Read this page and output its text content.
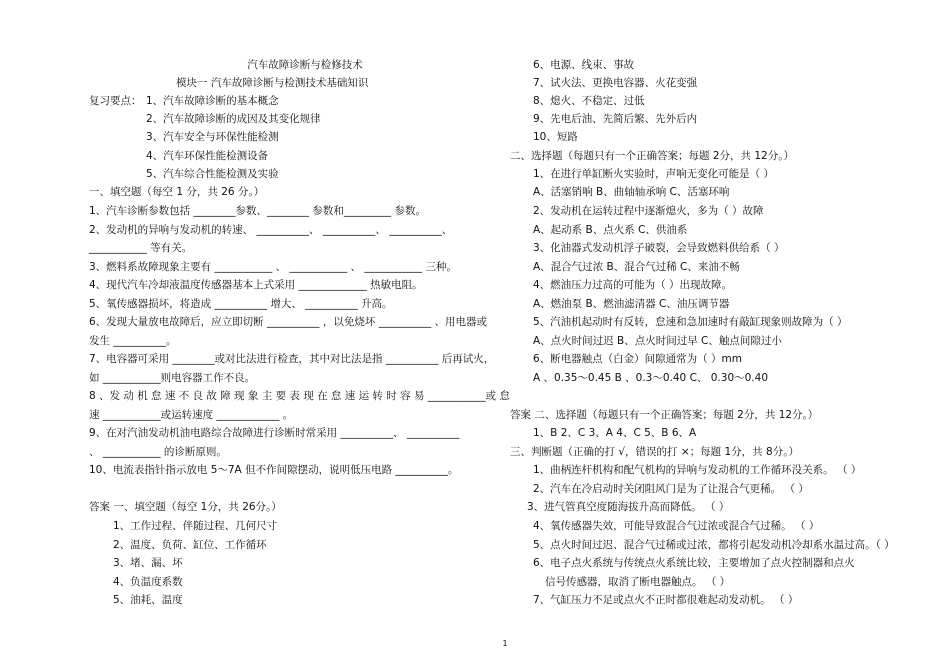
汽车故障诊断与检修技术
模块一 汽车故障诊断与检测技术基础知识
复习要点： 1、汽车故障诊断的基本概念
2、汽车故障诊断的成因及其变化规律
3、汽车安全与环保性能检测
4、汽车环保性能检测设备
5、汽车综合性能检测及实验
一、填空题（每空 1 分，共 26 分。）
1、汽车诊断参数包括 ________参数、________ 参数和_________ 参数。
2、发动机的异响与发动机的转速、 __________、 __________、 __________、
___________ 等有关。
3、燃料系故障现象主要有 ___________ 、 ___________ 、 ___________ 三种。
4、现代汽车冷却液温度传感器基本上式采用 _____________ 热敏电阻。
5、氧传感器损坏，将造成 __________ 增大、 __________ 升高。
6、发现大量放电故障后，应立即切断 __________ ，以免烧坏 __________ 、用电器或
发生 __________。
7、电容器可采用 ________或对比法进行检查，其中对比法是指 __________ 后再试火，
如 ___________则电容器工作不良。
8 、发 动 机 怠 速 不 良 故 障 现 象 主 要 表 现 在 怠 速 运 转 时 容 易 ___________或 怠
速 ___________或运转速度 ____________ 。
9、在对汽油发动机油电路综合故障进行诊断时常采用 __________、 __________
、 ___________ 的诊断原则。
10、电流表指针指示放电 5～7A 但不作间隙摆动，说明低压电路 __________。
答案 一、填空题（每空 1分，共 26分。）
1、工作过程、伴随过程、几何尺寸
2、温度、负荷、缸位、工作循环
3、堵、漏、坏
4、负温度系数
5、油耗、温度
6、电源、线束、事故
7、试火法、更换电容器、火花变强
8、熄火、不稳定、过低
9、先电后油、先简后繁、先外后内
10、短路
二、选择题（每题只有一个正确答案；每题 2分，共 12分。）
1、在进行单缸断火实验时，声响无变化可能是（ ）
A、活塞销响 B、曲轴轴承响 C、活塞环响
2、发动机在运转过程中逐渐熄火，多为（ ）故障
A、起动系 B、点火系 C、供油系
3、化油器式发动机浮子破裂，会导致燃料供给系（ ）
A、混合气过浓 B、混合气过稀 C、来油不畅
4、燃油压力过高的可能为（ ）出现故障。
A、燃油泵 B、燃油滤清器 C、油压调节器
5、汽油机起动时有反转，怠速和急加速时有敲缸现象则故障为（ ）
A、点火时间过迟 B、点火时间过早 C、触点间隙过小
6、断电器触点（白金）间隙通常为（ ）mm
A 、0.35～0.45 B 、0.3～0.40 C、 0.30～0.40
答案 二、选择题（每题只有一个正确答案；每题 2分，共 12分。）
1、B 2、C 3、A 4、C 5、B 6、A
三、判断题（正确的打 √，错误的打 ×；每题 1分，共 8分。）
1、曲柄连杆机构和配气机构的异响与发动机的工作循环没关系。 （ ）
2、汽车在冷启动时关闭阻风门是为了让混合气更稀。 （ ）
3、进气管真空度随海拔升高而降低。 （ ）
4、氧传感器失效，可能导致混合气过浓或混合气过稀。 （ ）
5、点火时间过迟、混合气过稀或过浓，都将引起发动机冷却系水温过高。（ ）
6、电子点火系统与传统点火系统比较，主要增加了点火控制器和点火
信号传感器，取消了断电器触点。 （ ）
7、气缸压力不足或点火不正时都很难起动发动机。 （ ）
1
